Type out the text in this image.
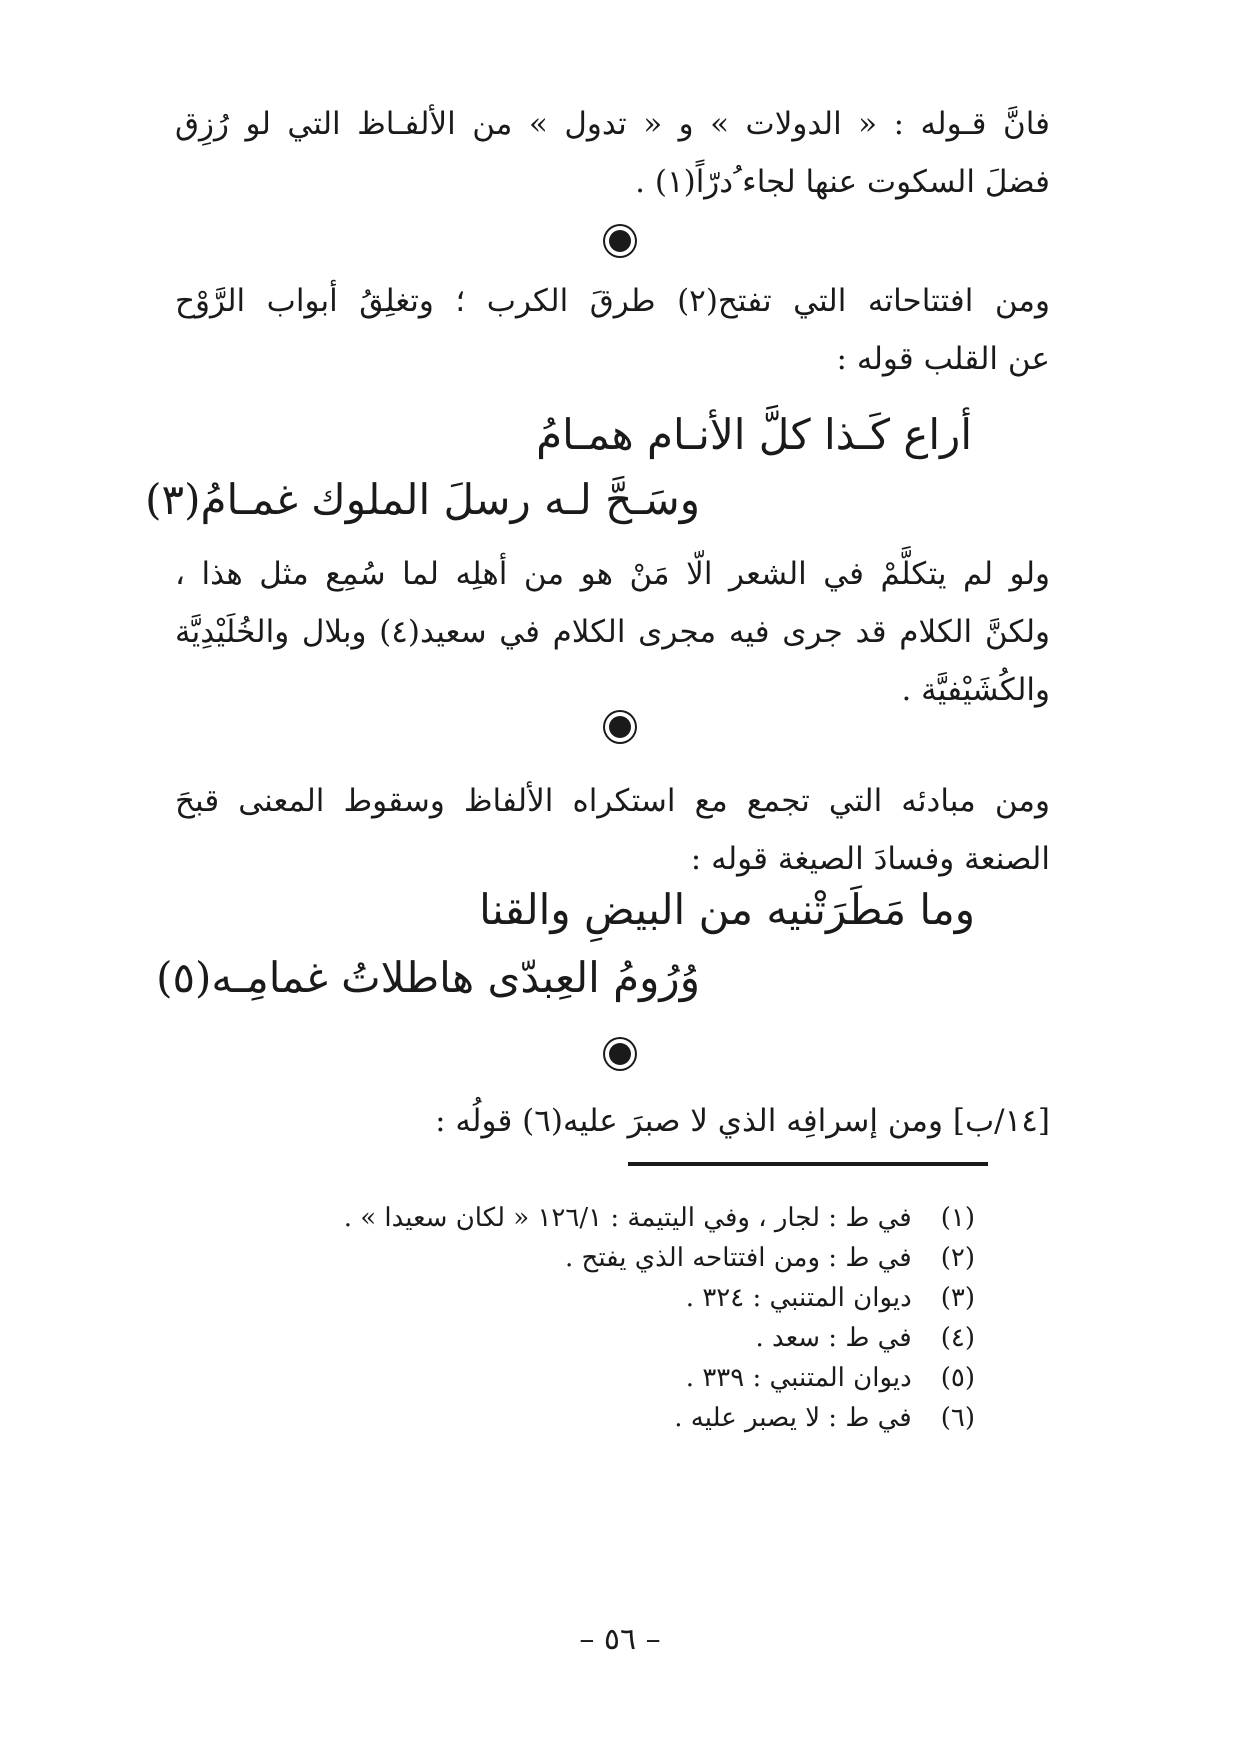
فانَّ قـوله : « الدولات » و « تدول » من الألفـاظ التي لو رُزِق
فضلَ السكوت عنها لجاء ُدرّاً(١) .
ومن افتتاحاته التي تفتح(٢) طرقَ الكرب ؛ وتغلِقُ أبواب الرَّوْح
عن القلب قوله :
أراع كَـذا كلَّ الأنـام همـامُ
وسَـحَّ لـه رسلَ الملوك غمـامُ(٣)
ولو لم يتكلَّمْ في الشعر الّا مَنْ هو من أهلِه لما سُمِع مثل هذا ،
ولكنَّ الكلام قد جرى فيه مجرى الكلام في سعيد(٤) وبلال والخُلَيْدِيَّة
والكُشَيْفيَّة .
ومن مبادئه التي تجمع مع استكراه الألفاظ وسقوط المعنى قبحَ
الصنعة وفسادَ الصيغة قوله :
وما مَطَرَتْنيه من البيضِ والقنا
وُرُومُ العِبدّى هاطلاتُ غمامِـه(٥)
[١٤/ب] ومن إسرافِه الذي لا صبرَ عليه(٦) قولُه :
(١) في ط : لجار ، وفي اليتيمة : ١٢٦/١ « لكان سعيدا » .
(٢) في ط : ومن افتتاحه الذي يفتح .
(٣) ديوان المتنبي : ٣٢٤ .
(٤) في ط : سعد .
(٥) ديوان المتنبي : ٣٣٩ .
(٦) في ط : لا يصبر عليه .
– ٥٦ –
